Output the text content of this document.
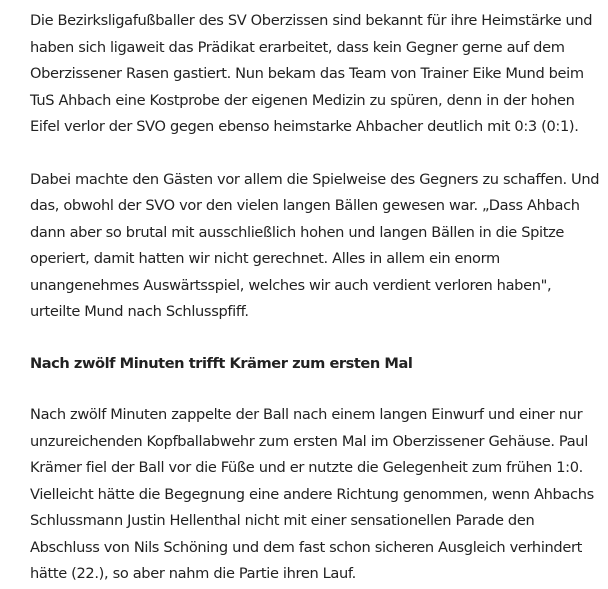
Die Bezirksligafußballer des SV Oberzissen sind bekannt für ihre Heimstärke und haben sich ligaweit das Prädikat erarbeitet, dass kein Gegner gerne auf dem Oberzissener Rasen gastiert. Nun bekam das Team von Trainer Eike Mund beim TuS Ahbach eine Kostprobe der eigenen Medizin zu spüren, denn in der hohen Eifel verlor der SVO gegen ebenso heimstarke Ahbacher deutlich mit 0:3 (0:1).

Dabei machte den Gästen vor allem die Spielweise des Gegners zu schaffen. Und das, obwohl der SVO vor den vielen langen Bällen gewesen war. „Dass Ahbach dann aber so brutal mit ausschließlich hohen und langen Bällen in die Spitze operiert, damit hatten wir nicht gerechnet. Alles in allem ein enorm unangenehmes Auswärtsspiel, welches wir auch verdient verloren haben", urteilte Mund nach Schlusspfiff.

Nach zwölf Minuten trifft Krämer zum ersten Mal

Nach zwölf Minuten zappelte der Ball nach einem langen Einwurf und einer nur unzureichenden Kopfballabwehr zum ersten Mal im Oberzissener Gehäuse. Paul Krämer fiel der Ball vor die Füße und er nutzte die Gelegenheit zum frühen 1:0. Vielleicht hätte die Begegnung eine andere Richtung genommen, wenn Ahbachs Schlussmann Justin Hellenthal nicht mit einer sensationellen Parade den Abschluss von Nils Schöning und dem fast schon sicheren Ausgleich verhindert hätte (22.), so aber nahm die Partie ihren Lauf.
